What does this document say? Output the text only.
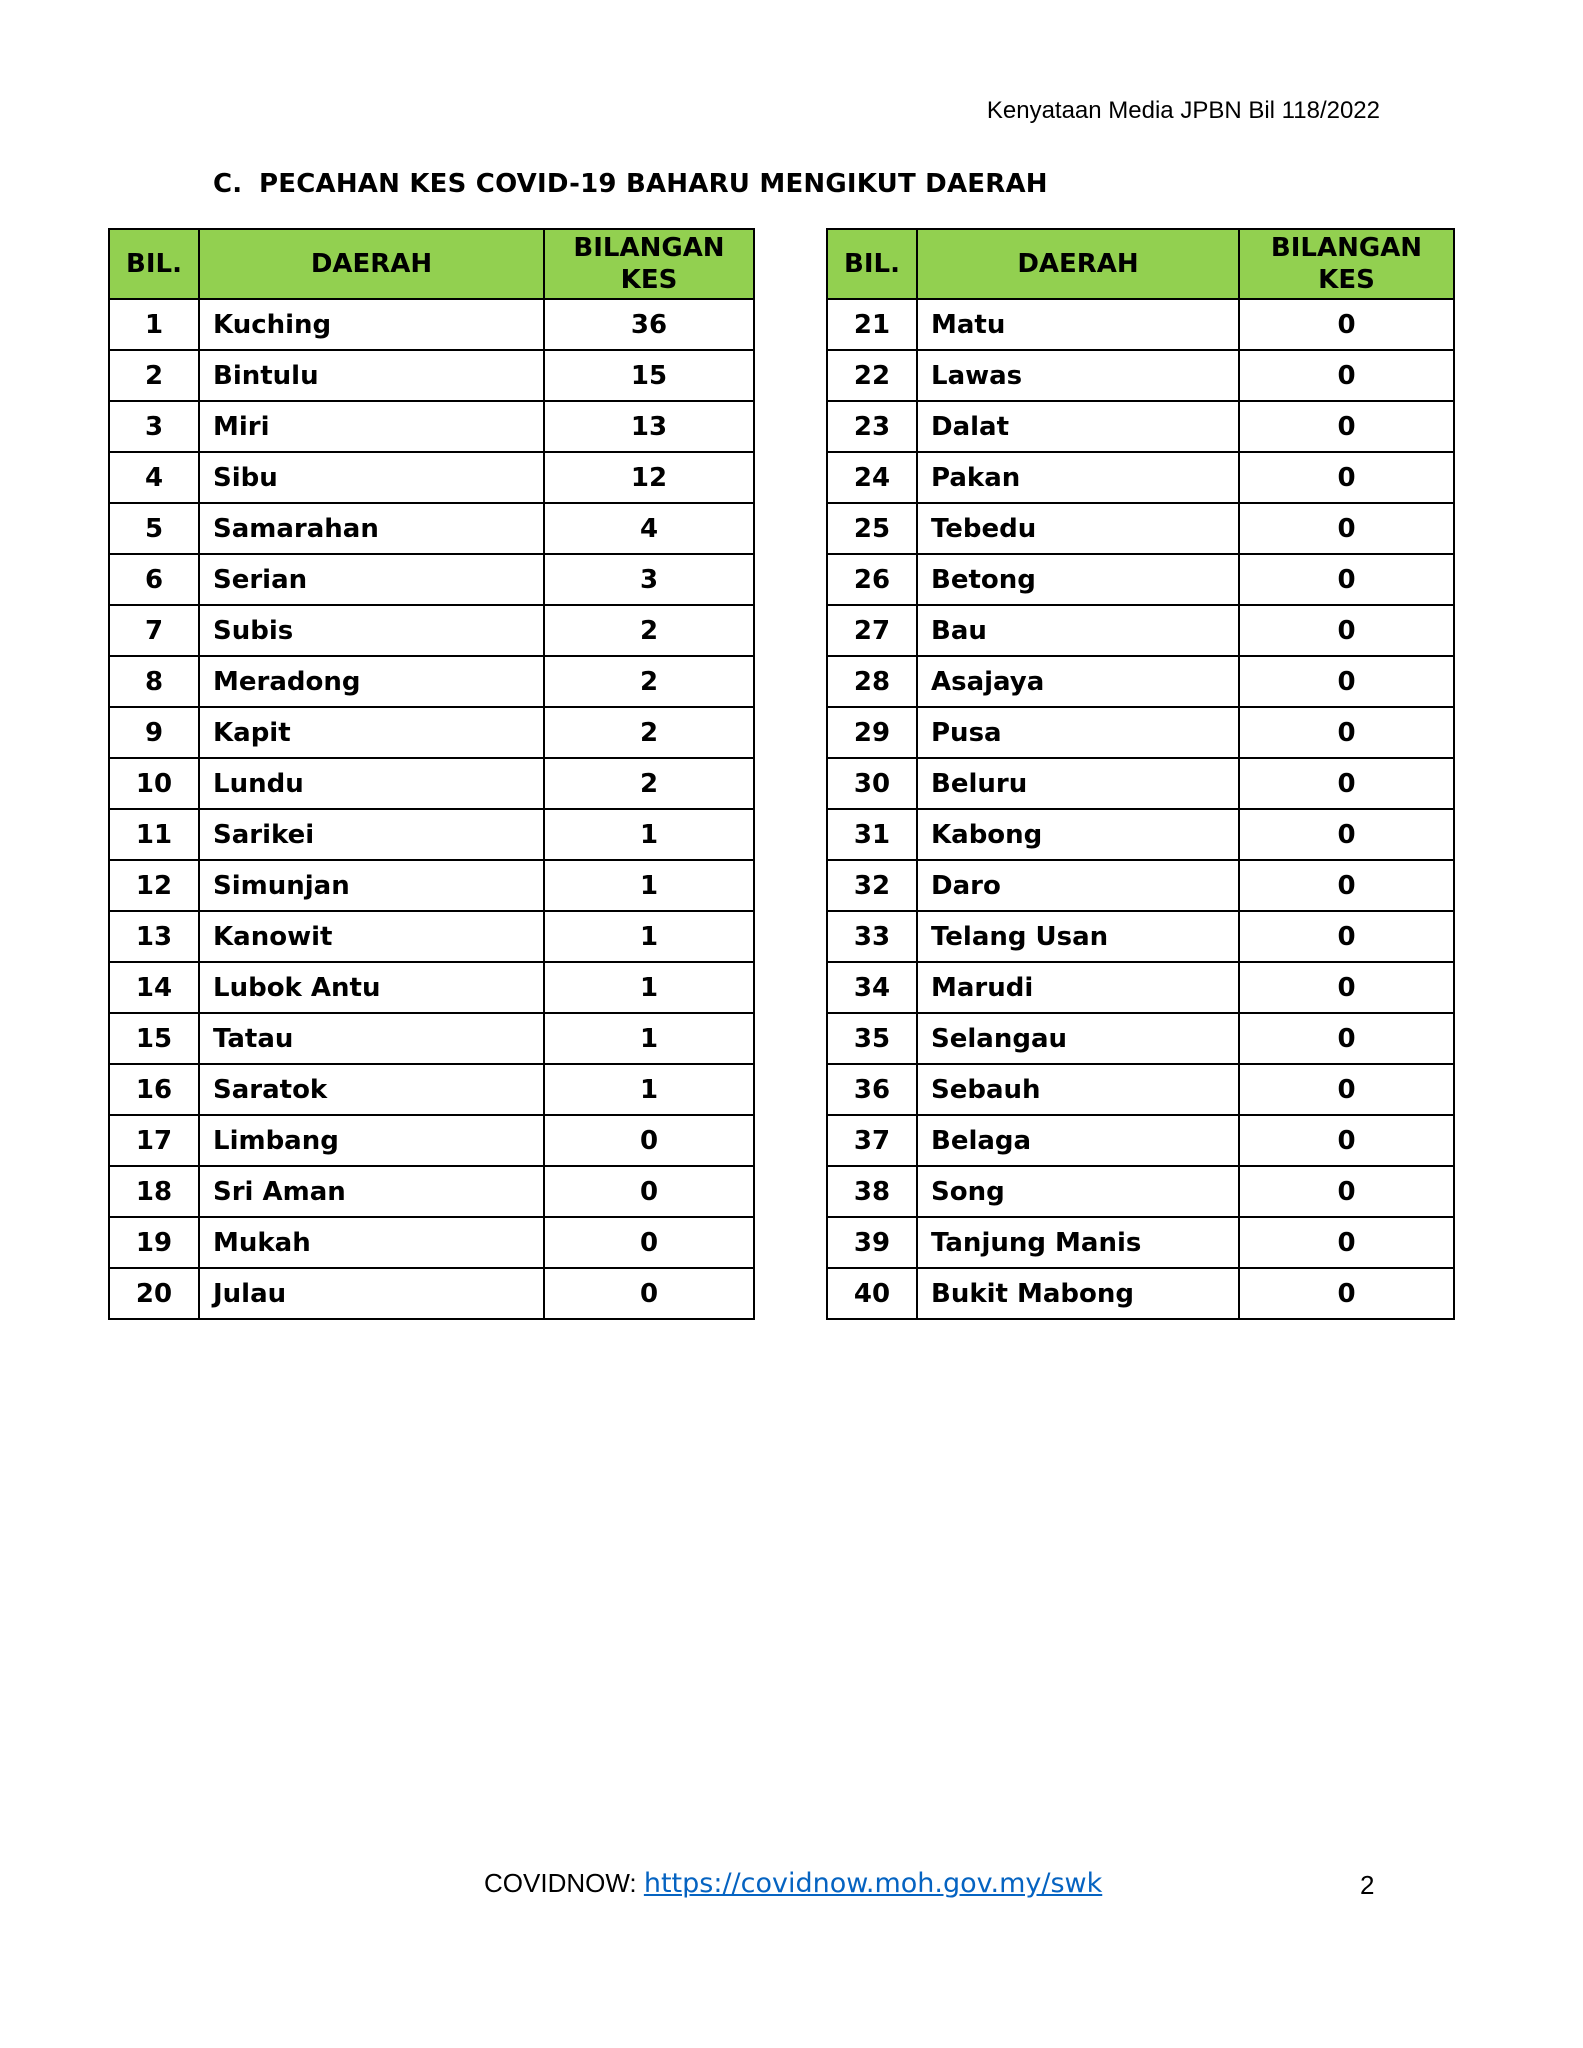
Kenyataan Media JPBN Bil 118/2022
C. PECAHAN KES COVID-19 BAHARU MENGIKUT DAERAH
BIL.	DAERAH	BILANGAN
KES
1	Kuching	36
2	Bintulu	15
3	Miri	13
4	Sibu	12
5	Samarahan	4
6	Serian	3
7	Subis	2
8	Meradong	2
9	Kapit	2
10	Lundu	2
11	Sarikei	1
12	Simunjan	1
13	Kanowit	1
14	Lubok Antu	1
15	Tatau	1
16	Saratok	1
17	Limbang	0
18	Sri Aman	0
19	Mukah	0
20	Julau	0
BIL.	DAERAH	BILANGAN
KES
21	Matu	0
22	Lawas	0
23	Dalat	0
24	Pakan	0
25	Tebedu	0
26	Betong	0
27	Bau	0
28	Asajaya	0
29	Pusa	0
30	Beluru	0
31	Kabong	0
32	Daro	0
33	Telang Usan	0
34	Marudi	0
35	Selangau	0
36	Sebauh	0
37	Belaga	0
38	Song	0
39	Tanjung Manis	0
40	Bukit Mabong	0
COVIDNOW: https://covidnow.moh.gov.my/swk	2
